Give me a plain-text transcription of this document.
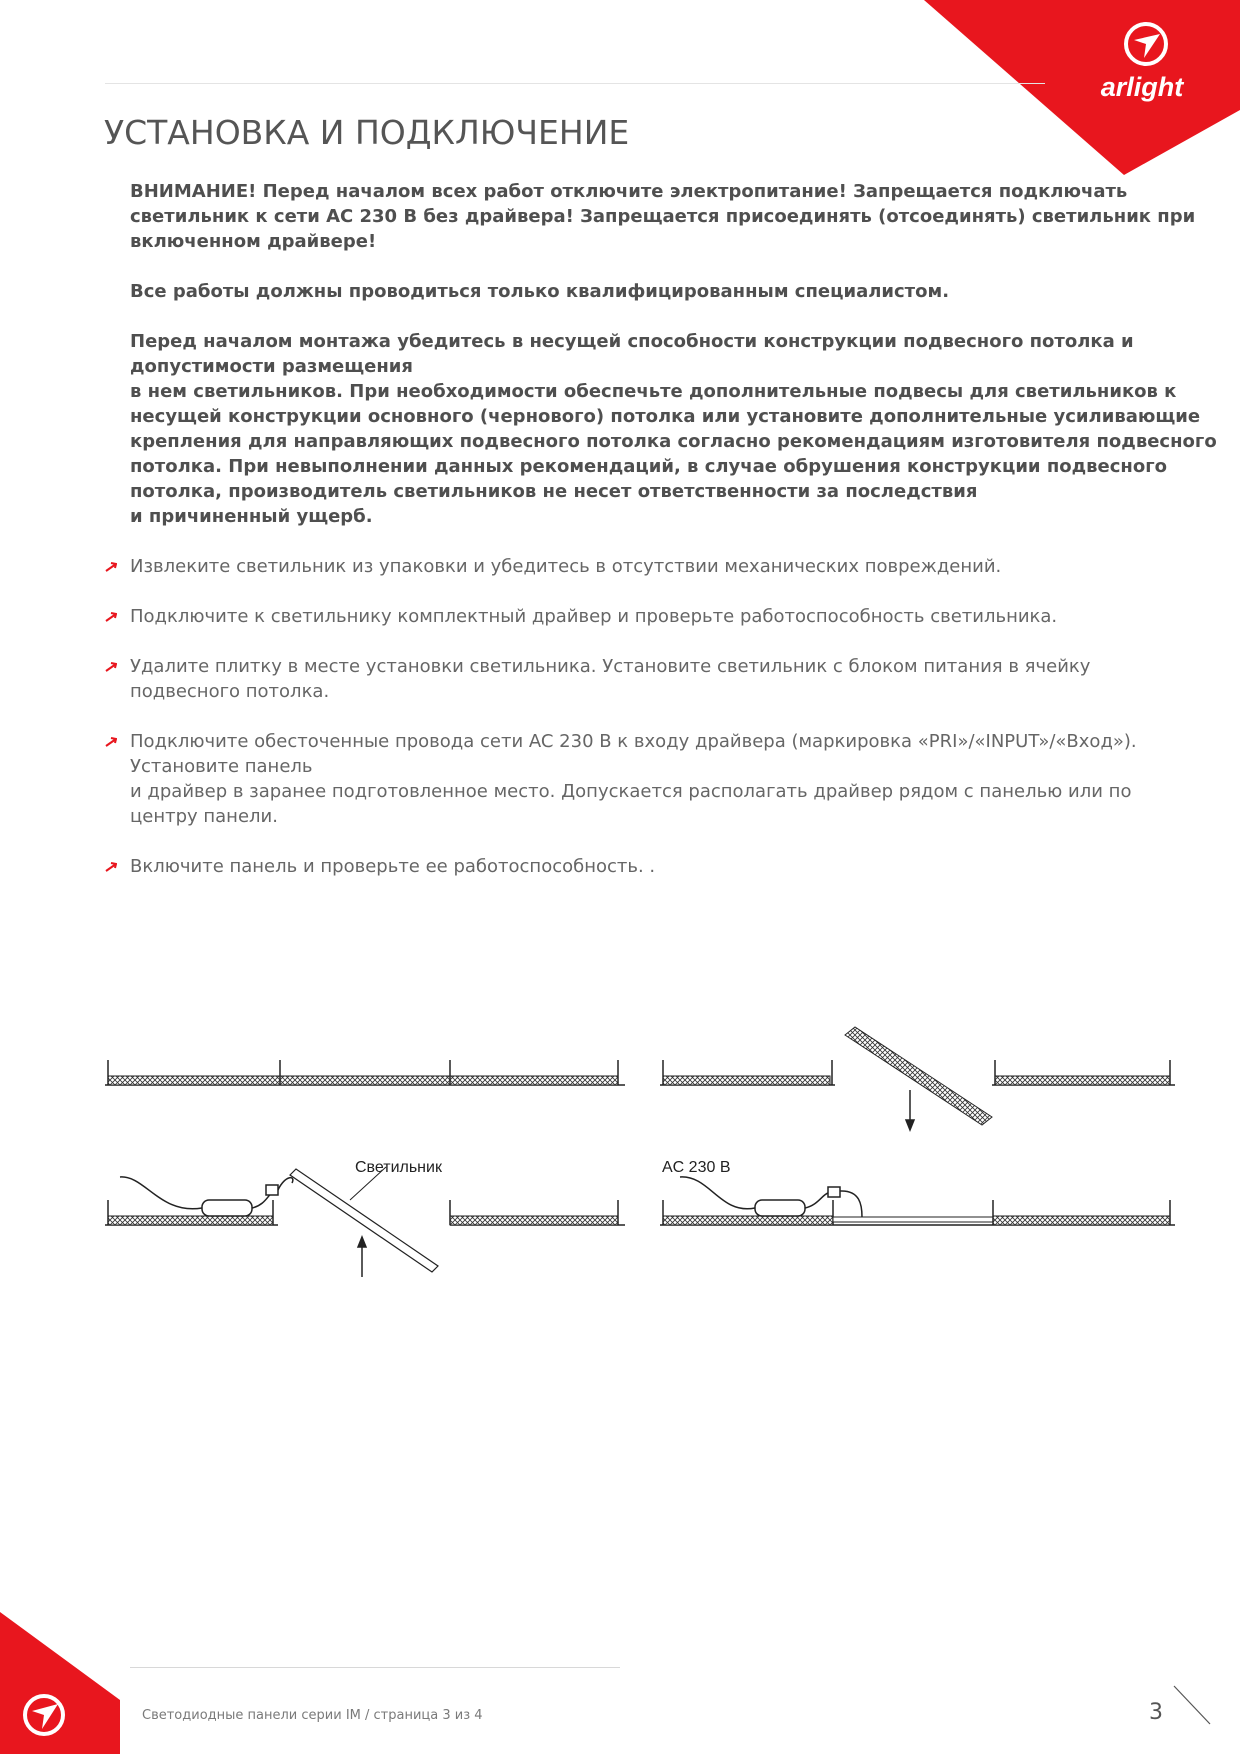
arlight
УСТАНОВКА И ПОДКЛЮЧЕНИЕ

ВНИМАНИЕ! Перед началом всех работ отключите электропитание! Запрещается подключать
светильник к сети AC 230 B без драйвера! Запрещается присоединять (отсоединять) светильник при
включенном драйвере!

Все работы должны проводиться только квалифицированным специалистом.

Перед началом монтажа убедитесь в несущей способности конструкции подвесного потолка и
допустимости размещения
в нем светильников. При необходимости обеспечьте дополнительные подвесы для светильников к
несущей конструкции основного (чернового) потолка или установите дополнительные усиливающие
крепления для направляющих подвесного потолка согласно рекомендациям изготовителя подвесного
потолка. При невыполнении данных рекомендаций, в случае обрушения конструкции подвесного
потолка, производитель светильников не несет ответственности за последствия
и причиненный ущерб.

Извлеките светильник из упаковки и убедитесь в отсутствии механических повреждений.
Подключите к светильнику комплектный драйвер и проверьте работоспособность светильника.
Удалите плитку в месте установки светильника. Установите светильник с блоком питания в ячейку
подвесного потолка.
Подключите обесточенные провода сети AC 230 В к входу драйвера (маркировка «PRI»/«INPUT»/«Вход»).
Установите панель
и драйвер в заранее подготовленное место. Допускается располагать драйвер рядом с панелью или по
центру панели.
Включите панель и проверьте ее работоспособность. .
Светильник	AC 230 В
Светодиодные панели серии IM / страница 3 из 4	3
